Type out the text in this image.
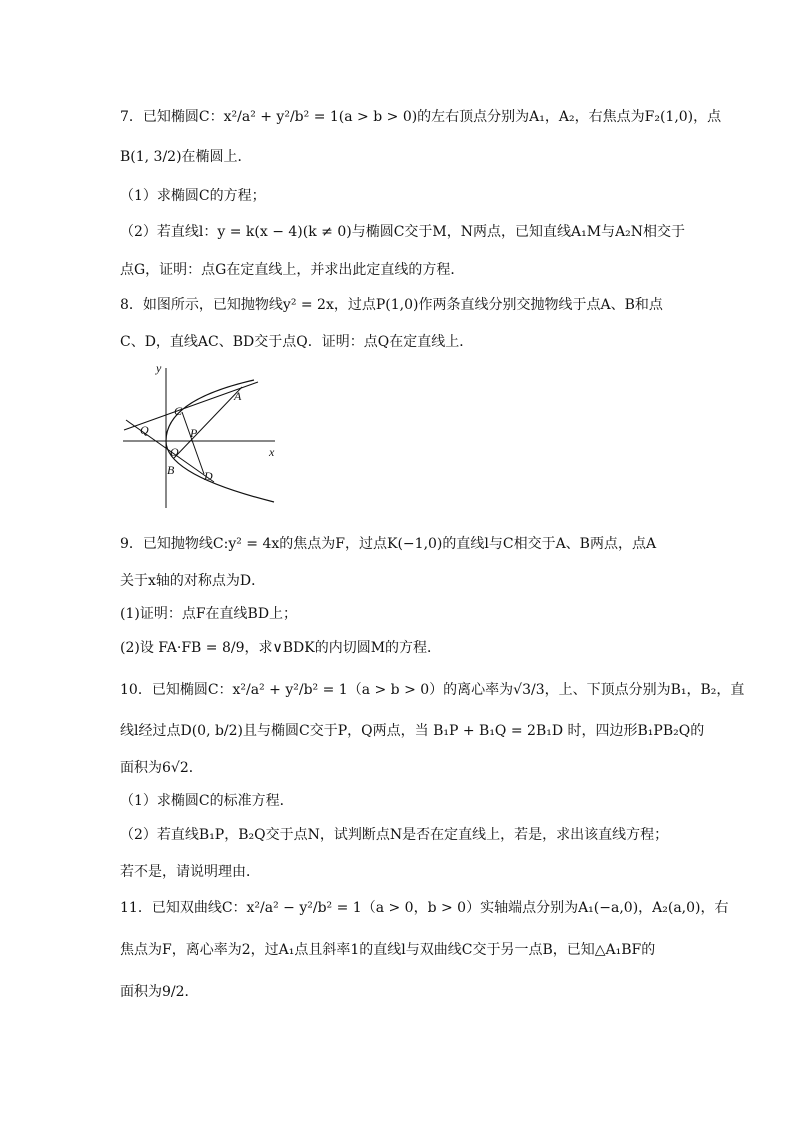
7．已知椭圆C：x²/a² + y²/b² = 1(a > b > 0)的左右顶点分别为A₁，A₂，右焦点为F₂(1,0)，点
B(1, 3/2)在椭圆上．
（1）求椭圆C的方程；
（2）若直线l：y = k(x − 4)(k ≠ 0)与椭圆C交于M，N两点，已知直线A₁M与A₂N相交于
点G，证明：点G在定直线上，并求出此定直线的方程．
8．如图所示，已知抛物线y² = 2x，过点P(1,0)作两条直线分别交抛物线于点A、B和点
C、D，直线AC、BD交于点Q．证明：点Q在定直线上．
y
x
A
C
P
Q
O
B D
9．已知抛物线C:y² = 4x的焦点为F，过点K(−1,0)的直线l与C相交于A、B两点，点A
关于x轴的对称点为D．
(1)证明：点F在直线BD上；
(2)设 FA·FB = 8/9，求∨BDK的内切圆M的方程．
10．已知椭圆C：x²/a² + y²/b² = 1（a > b > 0）的离心率为√3/3，上、下顶点分别为B₁，B₂，直
线l经过点D(0, b/2)且与椭圆C交于P，Q两点，当 B₁P + B₁Q = 2B₁D 时，四边形B₁PB₂Q的
面积为6√2．
（1）求椭圆C的标准方程．
（2）若直线B₁P，B₂Q交于点N，试判断点N是否在定直线上，若是，求出该直线方程；
若不是，请说明理由．
11．已知双曲线C：x²/a² − y²/b² = 1（a > 0，b > 0）实轴端点分别为A₁(−a,0)，A₂(a,0)，右
焦点为F，离心率为2，过A₁点且斜率1的直线l与双曲线C交于另一点B，已知△A₁BF的
面积为9/2．
